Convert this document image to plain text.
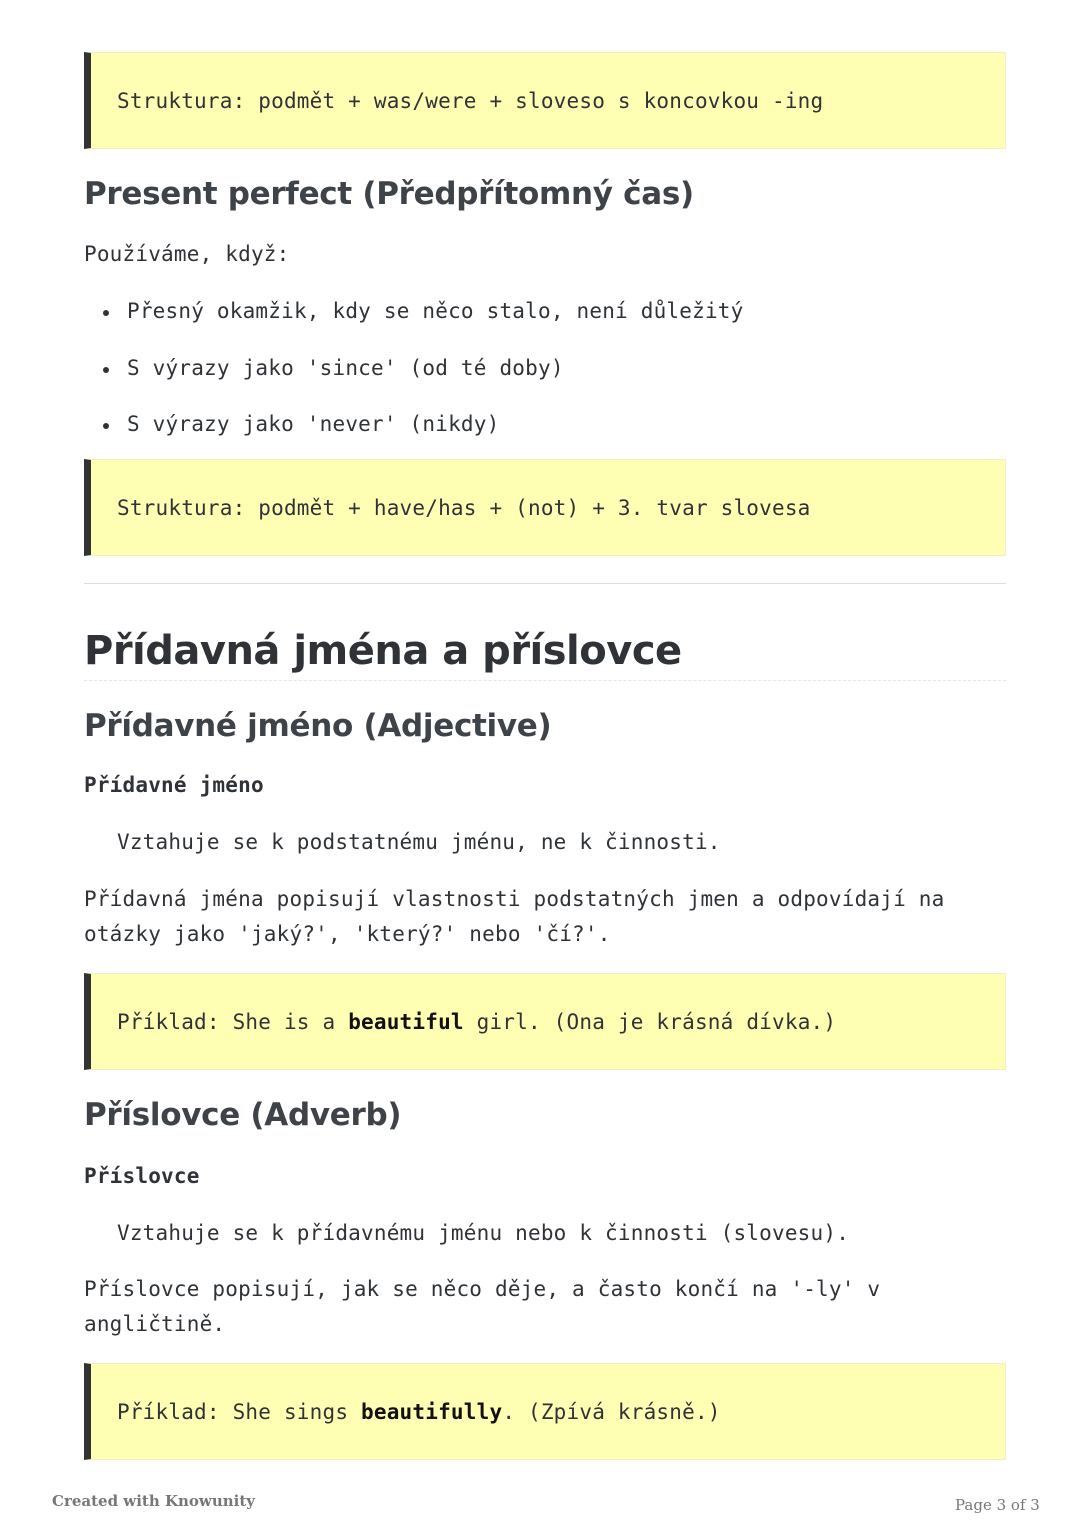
Struktura: podmět + was/were + sloveso s koncovkou -ing
Present perfect (Předpřítomný čas)
Používáme, když:
Přesný okamžik, kdy se něco stalo, není důležitý
S výrazy jako 'since' (od té doby)
S výrazy jako 'never' (nikdy)
Struktura: podmět + have/has + (not) + 3. tvar slovesa
Přídavná jména a příslovce
Přídavné jméno (Adjective)
Přídavné jméno
Vztahuje se k podstatnému jménu, ne k činnosti.
Přídavná jména popisují vlastnosti podstatných jmen a odpovídají na otázky jako 'jaký?', 'který?' nebo 'čí?'.
Příklad: She is a beautiful girl. (Ona je krásná dívka.)
Příslovce (Adverb)
Příslovce
Vztahuje se k přídavnému jménu nebo k činnosti (slovesu).
Příslovce popisují, jak se něco děje, a často končí na '-ly' v angličtině.
Příklad: She sings beautifully. (Zpívá krásně.)
Created with Knowunity	Page 3 of 3
